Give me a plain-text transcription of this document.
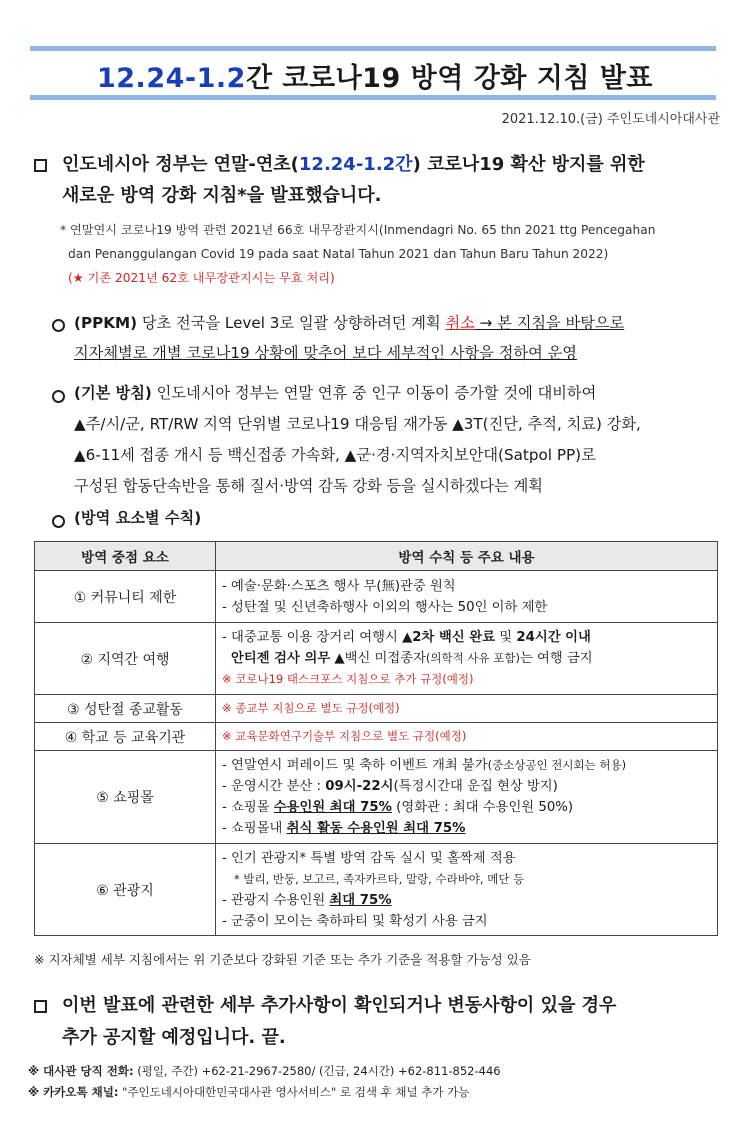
12.24-1.2간 코로나19 방역 강화 지침 발표
2021.12.10.(금) 주인도네시아대사관
인도네시아 정부는 연말-연초(12.24-1.2간) 코로나19 확산 방지를 위한
새로운 방역 강화 지침*을 발표했습니다.
* 연말연시 코로나19 방역 관련 2021년 66호 내무장관지시(Inmendagri No. 65 thn 2021 ttg Pencegahan
dan Penanggulangan Covid 19 pada saat Natal Tahun 2021 dan Tahun Baru Tahun 2022)
(★ 기존 2021년 62호 내무장관지시는 무효 처리)
(PPKM) 당초 전국을 Level 3로 일괄 상향하려던 계획 취소 → 본 지침을 바탕으로
지자체별로 개별 코로나19 상황에 맞추어 보다 세부적인 사항을 정하여 운영
(기본 방침) 인도네시아 정부는 연말 연휴 중 인구 이동이 증가할 것에 대비하여
▲주/시/군, RT/RW 지역 단위별 코로나19 대응팀 재가동 ▲3T(진단, 추적, 치료) 강화,
▲6-11세 접종 개시 등 백신접종 가속화, ▲군·경·지역자치보안대(Satpol PP)로
구성된 합동단속반을 통해 질서·방역 감독 강화 등을 실시하겠다는 계획
(방역 요소별 수칙)
방역 중점 요소	방역 수칙 등 주요 내용
① 커뮤니티 제한	- 예술·문화·스포츠 행사 무(無)관중 원칙
- 성탄절 및 신년축하행사 이외의 행사는 50인 이하 제한

② 지역간 여행	- 대중교통 이용 장거리 여행시 ▲2차 백신 완료 및 24시간 이내
안티젠 검사 의무 ▲백신 미접종자(의학적 사유 포함)는 여행 금지
※ 코로나19 태스크포스 지침으로 추가 규정(예정)

③ 성탄절 종교활동	※ 종교부 지침으로 별도 규정(예정)

④ 학교 등 교육기관	※ 교육문화연구기술부 지침으로 별도 규정(예정)

⑤ 쇼핑몰	- 연말연시 퍼레이드 및 축하 이벤트 개최 불가(중소상공인 전시회는 허용)
- 운영시간 분산 : 09시-22시(특정시간대 운집 현상 방지)
- 쇼핑몰 수용인원 최대 75% (영화관 : 최대 수용인원 50%)
- 쇼핑몰내 취식 활동 수용인원 최대 75%

⑥ 관광지	- 인기 관광지* 특별 방역 감독 실시 및 홀짝제 적용
* 발리, 반둥, 보고르, 족자카르타, 말랑, 수라바야, 메단 등
- 관광지 수용인원 최대 75%
- 군중이 모이는 축하파티 및 확성기 사용 금지
※ 지자체별 세부 지침에서는 위 기준보다 강화된 기준 또는 추가 기준을 적용할 가능성 있음
이번 발표에 관련한 세부 추가사항이 확인되거나 변동사항이 있을 경우
추가 공지할 예정입니다. 끝.
※ 대사관 당직 전화: (평일, 주간) +62-21-2967-2580/ (긴급, 24시간) +62-811-852-446
※ 카카오톡 채널: "주인도네시아대한민국대사관 영사서비스" 로 검색 후 채널 추가 가능
